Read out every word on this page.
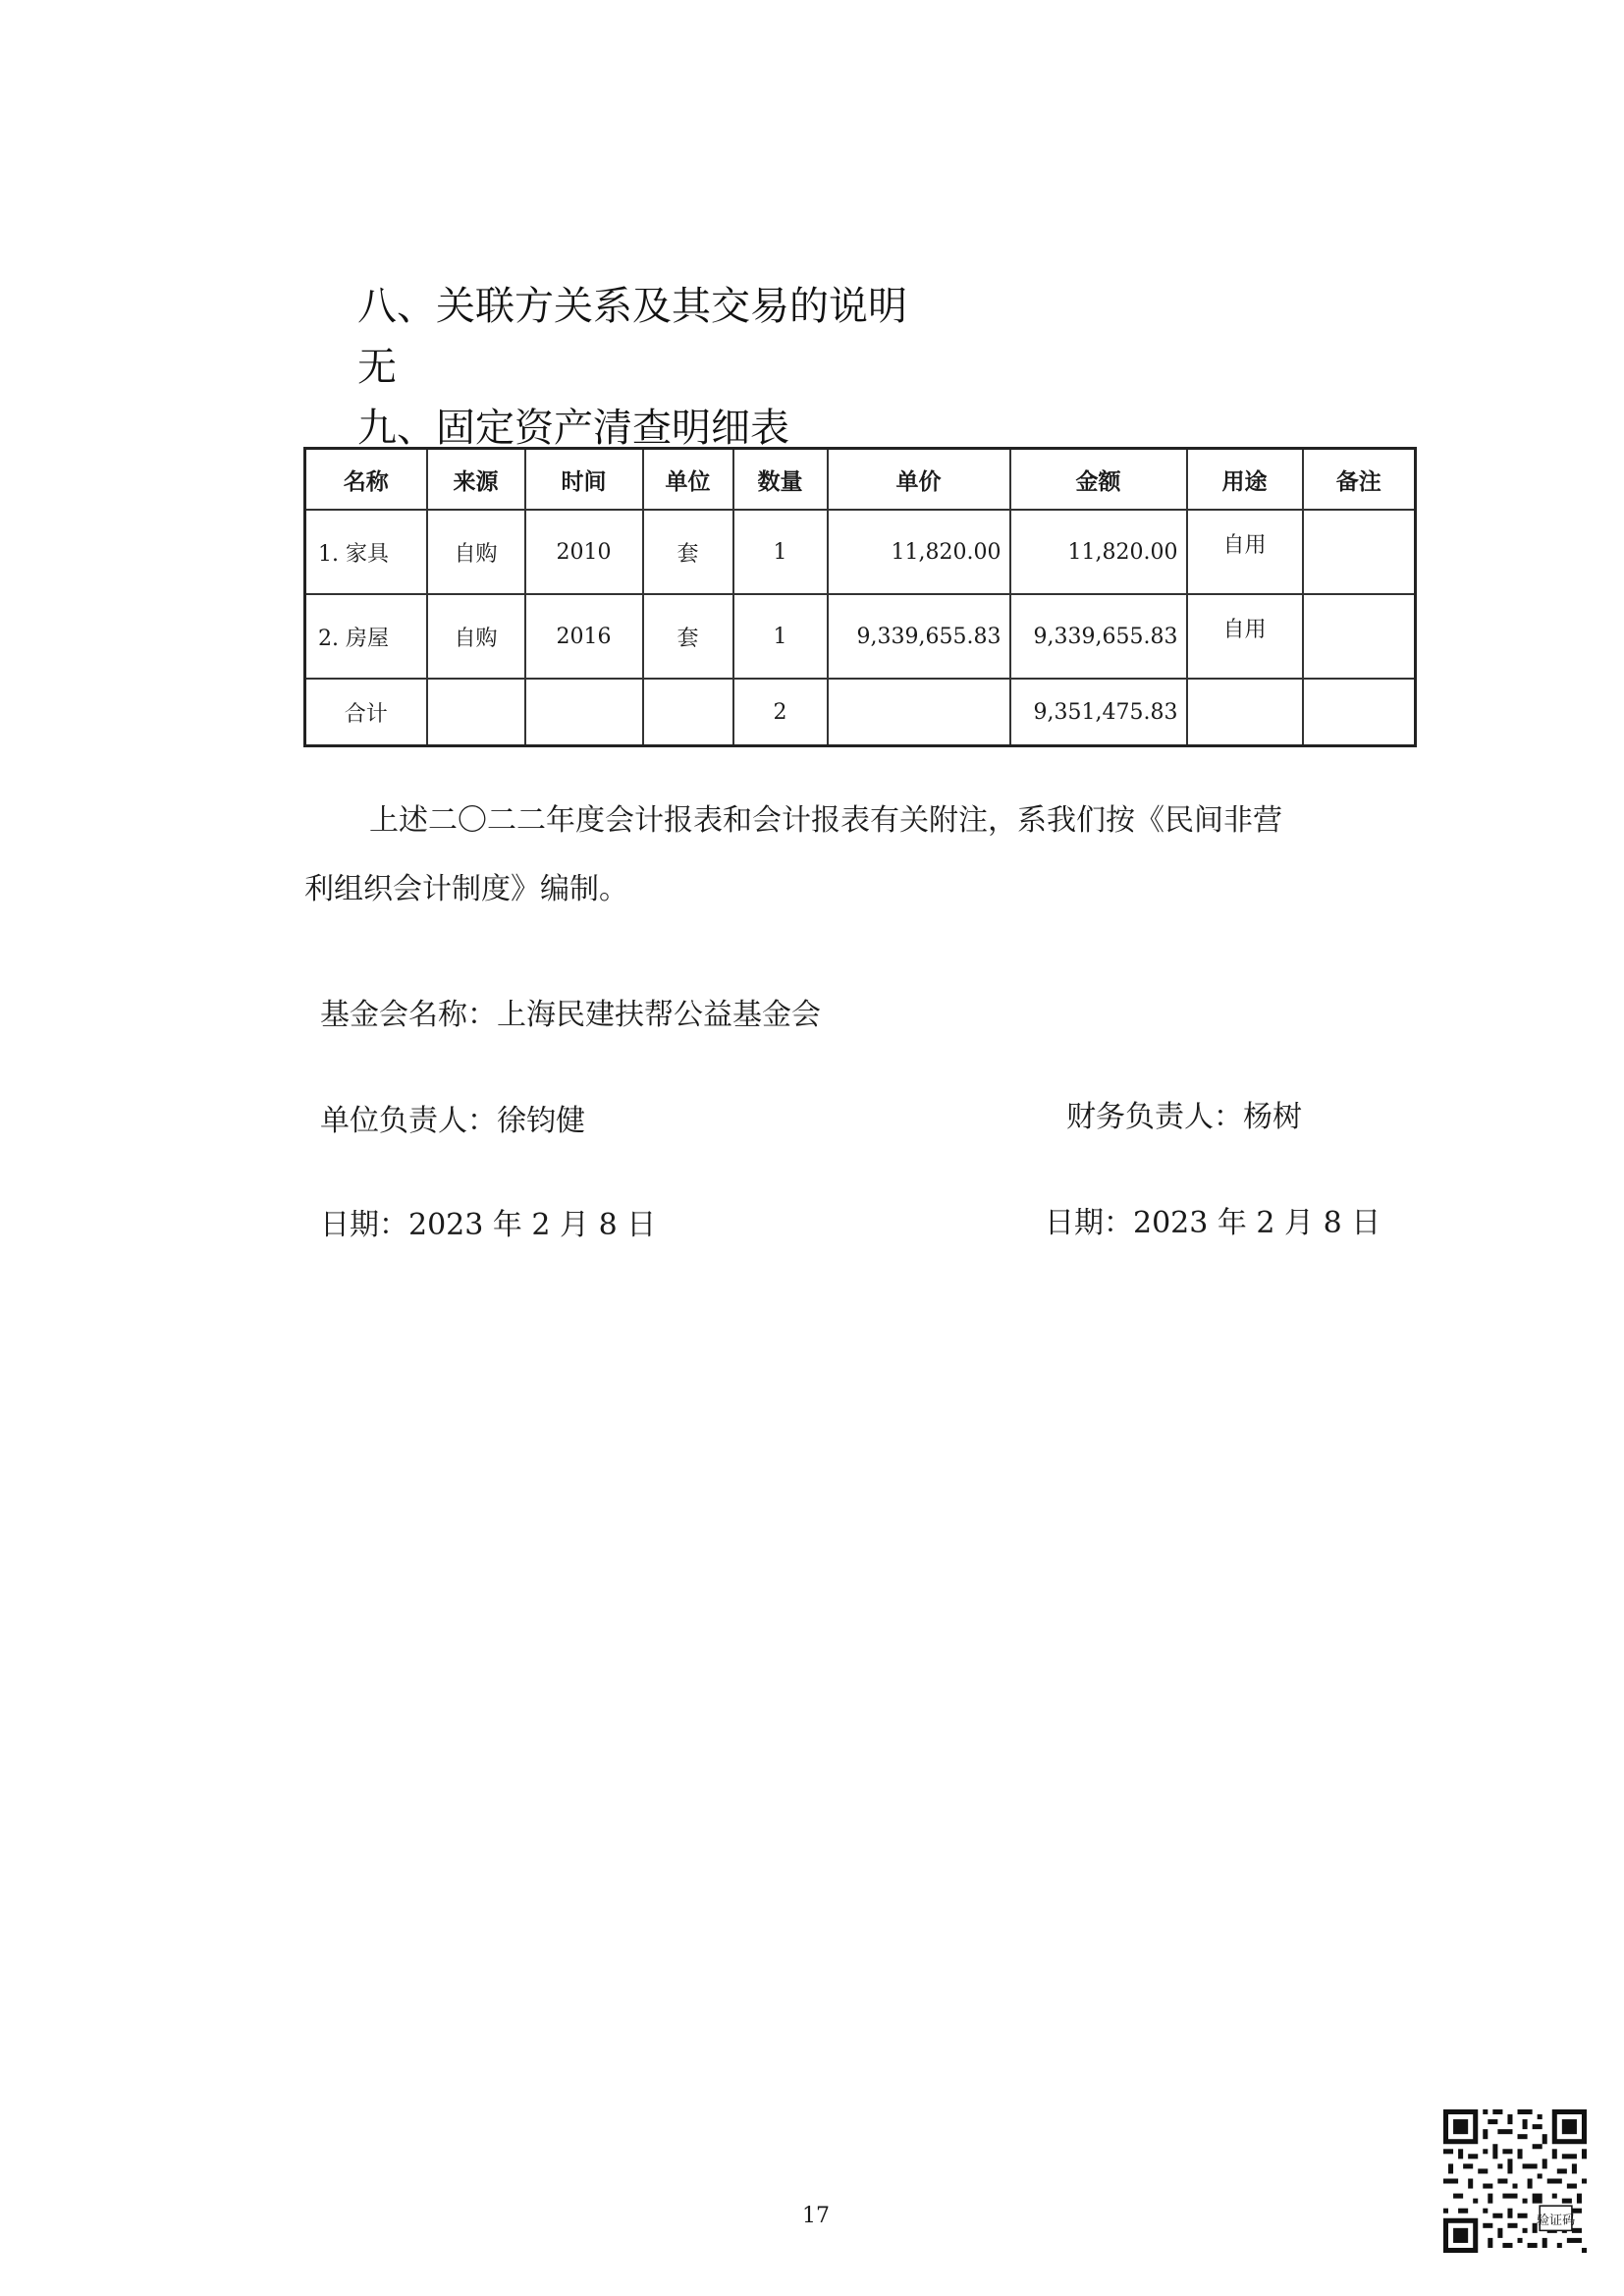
八、关联方关系及其交易的说明
无
九、固定资产清查明细表
名称	来源	时间	单位	数量	单价	金额	用途	备注
1. 家具	自购	2010	套	1	11,820.00	11,820.00	自用	
2. 房屋	自购	2016	套	1	9,339,655.83	9,339,655.83	自用	
合计				2		9,351,475.83		
上述二〇二二年度会计报表和会计报表有关附注，系我们按《民间非营
利组织会计制度》编制。
基金会名称：上海民建扶帮公益基金会
单位负责人：徐钧健	财务负责人：杨树
日期：2023 年 2 月 8 日	日期：2023 年 2 月 8 日
验证码
17
